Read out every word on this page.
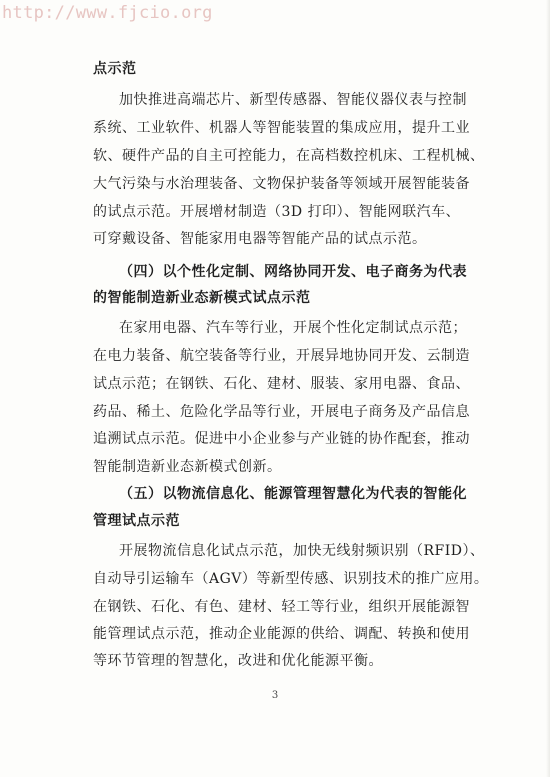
http://www.fjcio.org
点示范
加快推进高端芯片、新型传感器、智能仪器仪表与控制
系统、工业软件、机器人等智能装置的集成应用，提升工业
软、硬件产品的自主可控能力，在高档数控机床、工程机械、
大气污染与水治理装备、文物保护装备等领域开展智能装备
的试点示范。开展增材制造（3D 打印）、智能网联汽车、
可穿戴设备、智能家用电器等智能产品的试点示范。
（四）以个性化定制、网络协同开发、电子商务为代表
的智能制造新业态新模式试点示范
在家用电器、汽车等行业，开展个性化定制试点示范；
在电力装备、航空装备等行业，开展异地协同开发、云制造
试点示范；在钢铁、石化、建材、服装、家用电器、食品、
药品、稀土、危险化学品等行业，开展电子商务及产品信息
追溯试点示范。促进中小企业参与产业链的协作配套，推动
智能制造新业态新模式创新。
（五）以物流信息化、能源管理智慧化为代表的智能化
管理试点示范
开展物流信息化试点示范，加快无线射频识别（RFID）、
自动导引运输车（AGV）等新型传感、识别技术的推广应用。
在钢铁、石化、有色、建材、轻工等行业，组织开展能源智
能管理试点示范，推动企业能源的供给、调配、转换和使用
等环节管理的智慧化，改进和优化能源平衡。
3
